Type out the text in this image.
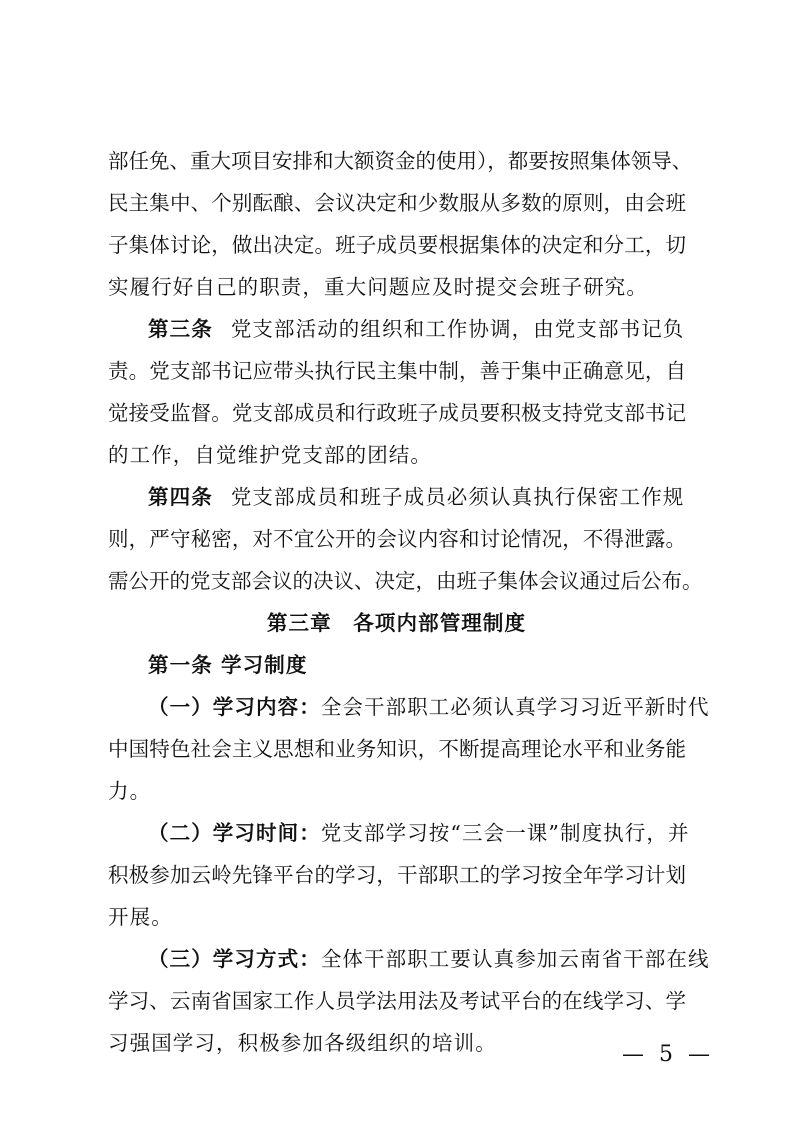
部任免、重大项目安排和大额资金的使用），都要按照集体领导、
民主集中、个别酝酿、会议决定和少数服从多数的原则，由会班
子集体讨论，做出决定。班子成员要根据集体的决定和分工，切
实履行好自己的职责，重大问题应及时提交会班子研究。
第三条 党支部活动的组织和工作协调，由党支部书记负
责。党支部书记应带头执行民主集中制，善于集中正确意见，自
觉接受监督。党支部成员和行政班子成员要积极支持党支部书记
的工作，自觉维护党支部的团结。
第四条 党支部成员和班子成员必须认真执行保密工作规
则，严守秘密，对不宜公开的会议内容和讨论情况，不得泄露。
需公开的党支部会议的决议、决定，由班子集体会议通过后公布。
第三章　各项内部管理制度
第一条 学习制度
（一）学习内容：全会干部职工必须认真学习习近平新时代
中国特色社会主义思想和业务知识，不断提高理论水平和业务能
力。
（二）学习时间：党支部学习按“三会一课”制度执行，并
积极参加云岭先锋平台的学习，干部职工的学习按全年学习计划
开展。
（三）学习方式：全体干部职工要认真参加云南省干部在线
学习、云南省国家工作人员学法用法及考试平台的在线学习、学
习强国学习，积极参加各级组织的培训。	— 5 —
